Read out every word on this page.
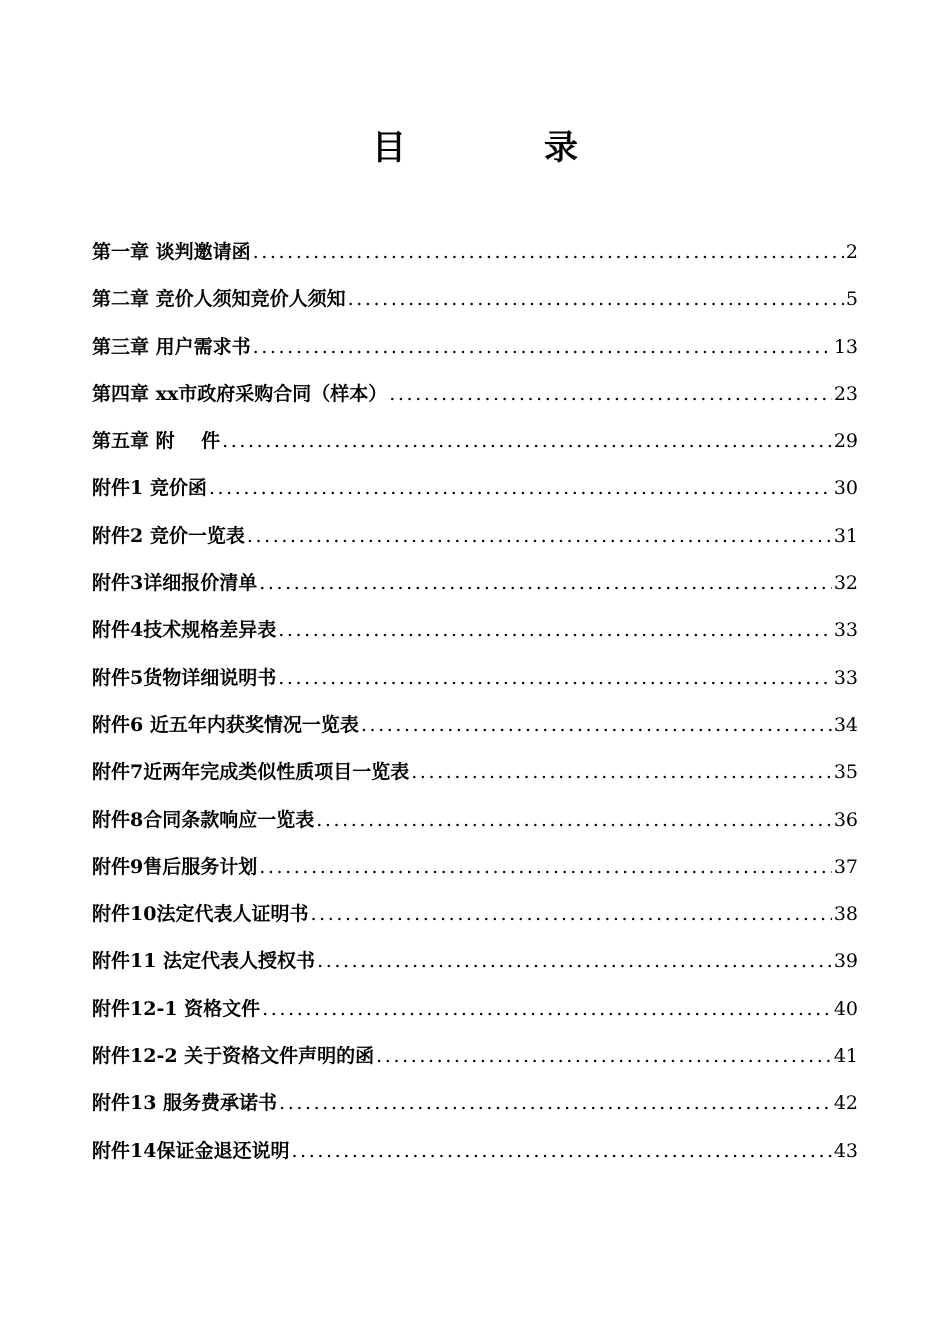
目　录
第一章 谈判邀请函 .....	2
第二章 竞价人须知竞价人须知 .....	5
第三章 用户需求书 .....	13
第四章 xx市政府采购合同（样本） .....	23
第五章 附    件 .....	29
附件1 竞价函 .....	30
附件2 竞价一览表 .....	31
附件3详细报价清单 .....	32
附件4技术规格差异表 .....	33
附件5货物详细说明书 .....	33
附件6 近五年内获奖情况一览表 .....	34
附件7近两年完成类似性质项目一览表 .....	35
附件8合同条款响应一览表 .....	36
附件9售后服务计划 .....	37
附件10法定代表人证明书 .....	38
附件11 法定代表人授权书 .....	39
附件12-1 资格文件 .....	40
附件12-2 关于资格文件声明的函 .....	41
附件13 服务费承诺书 .....	42
附件14保证金退还说明 .....	43
